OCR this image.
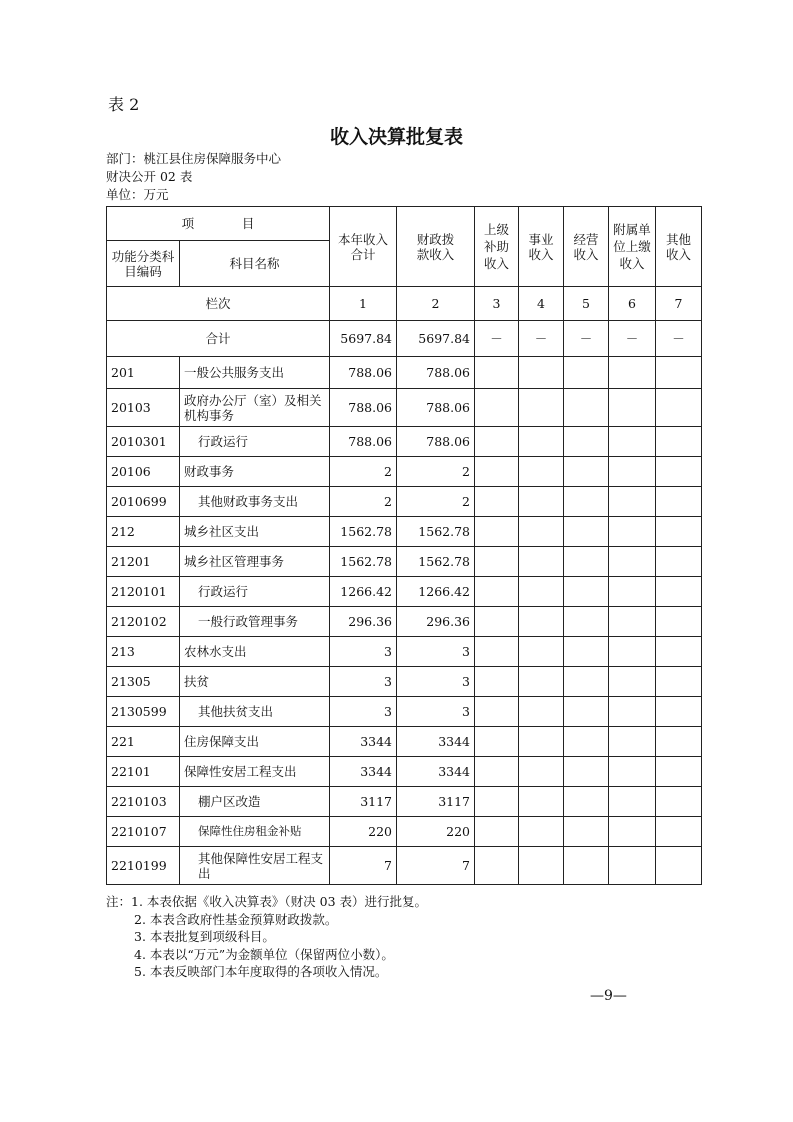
表 2
收入决算批复表
部门：桃江县住房保障服务中心
财决公开 02 表
单位：万元
项            目		本年收入合计	财政拨款收入	上级补助收入	事业收入	经营收入	附属单位上缴收入	其他收入
功能分类科目编码	科目名称							
栏次		1	2	3	4	5	6	7
合计		5697.84	5697.84	－	－	－	－	－
201	一般公共服务支出	788.06	788.06					
20103	政府办公厅（室）及相关机构事务	788.06	788.06					
2010301	行政运行	788.06	788.06					
20106	财政事务	2	2					
2010699	其他财政事务支出	2	2					
212	城乡社区支出	1562.78	1562.78					
21201	城乡社区管理事务	1562.78	1562.78					
2120101	行政运行	1266.42	1266.42					
2120102	一般行政管理事务	296.36	296.36					
213	农林水支出	3	3					
21305	扶贫	3	3					
2130599	其他扶贫支出	3	3					
221	住房保障支出	3344	3344					
22101	保障性安居工程支出	3344	3344					
2210103	棚户区改造	3117	3117					
2210107	保障性住房租金补贴	220	220					
2210199	其他保障性安居工程支出	7	7					
注：1. 本表依据《收入决算表》（财决 03 表）进行批复。
2. 本表含政府性基金预算财政拨款。
3. 本表批复到项级科目。
4. 本表以“万元”为金额单位（保留两位小数）。
5. 本表反映部门本年度取得的各项收入情况。
—9—
